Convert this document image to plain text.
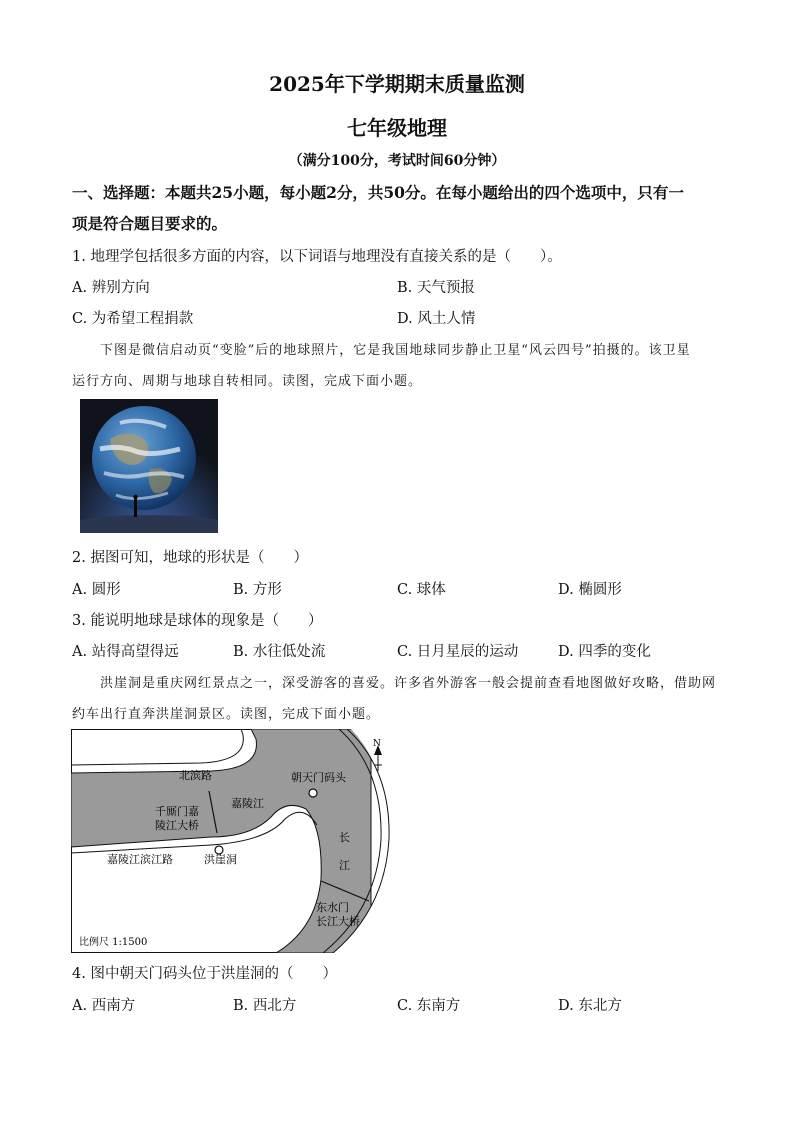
2025年下学期期末质量监测
七年级地理
（满分100分，考试时间60分钟）
一、选择题：本题共25小题，每小题2分，共50分。在每小题给出的四个选项中，只有一
项是符合题目要求的。
1. 地理学包括很多方面的内容，以下词语与地理没有直接关系的是（　　）。
A. 辨别方向	B. 天气预报
C. 为希望工程捐款	D. 风土人情
下图是微信启动页“变脸”后的地球照片，它是我国地球同步静止卫星“风云四号”拍摄的。该卫星
运行方向、周期与地球自转相同。读图，完成下面小题。
2. 据图可知，地球的形状是（　　）
A. 圆形	B. 方形	C. 球体	D. 椭圆形
3. 能说明地球是球体的现象是（　　）
A. 站得高望得远	B. 水往低处流	C. 日月星辰的运动	D. 四季的变化
洪崖洞是重庆网红景点之一，深受游客的喜爱。许多省外游客一般会提前查看地图做好攻略，借助网
约车出行直奔洪崖洞景区。读图，完成下面小题。
N
北滨路	朝天门码头
千厮门嘉
陵江大桥
嘉陵江
长
江
嘉陵江滨江路	洪崖洞
东水门
长江大桥
比例尺 1:1500
4. 图中朝天门码头位于洪崖洞的（　　）
A. 西南方	B. 西北方	C. 东南方	D. 东北方
